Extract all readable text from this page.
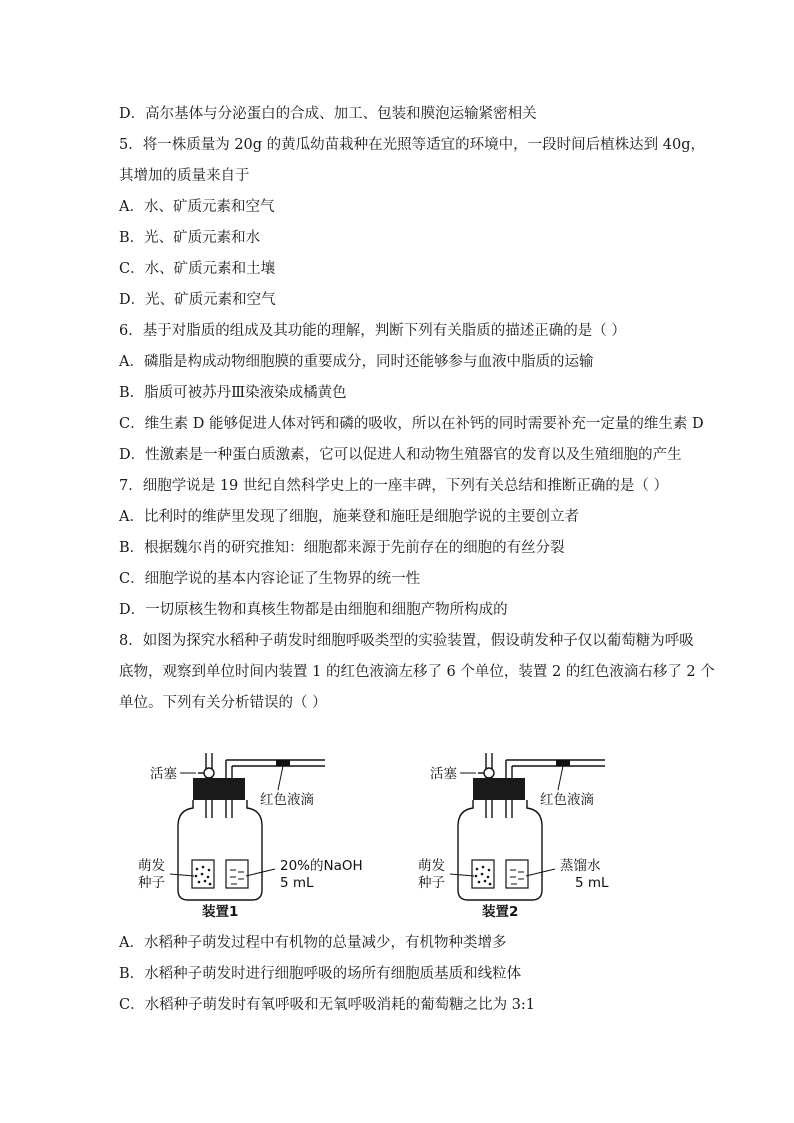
D．高尔基体与分泌蛋白的合成、加工、包装和膜泡运输紧密相关
5．将一株质量为 20g 的黄瓜幼苗栽种在光照等适宜的环境中，一段时间后植株达到 40g，
其增加的质量来自于
A．水、矿质元素和空气
B．光、矿质元素和水
C．水、矿质元素和土壤
D．光、矿质元素和空气
6．基于对脂质的组成及其功能的理解，判断下列有关脂质的描述正确的是（ ）
A．磷脂是构成动物细胞膜的重要成分，同时还能够参与血液中脂质的运输
B．脂质可被苏丹Ⅲ染液染成橘黄色
C．维生素 D 能够促进人体对钙和磷的吸收，所以在补钙的同时需要补充一定量的维生素 D
D．性激素是一种蛋白质激素，它可以促进人和动物生殖器官的发育以及生殖细胞的产生
7．细胞学说是 19 世纪自然科学史上的一座丰碑，下列有关总结和推断正确的是（ ）
A．比利时的维萨里发现了细胞，施莱登和施旺是细胞学说的主要创立者
B．根据魏尔肖的研究推知：细胞都来源于先前存在的细胞的有丝分裂
C．细胞学说的基本内容论证了生物界的统一性
D．一切原核生物和真核生物都是由细胞和细胞产物所构成的
8．如图为探究水稻种子萌发时细胞呼吸类型的实验装置，假设萌发种子仅以葡萄糖为呼吸
底物，观察到单位时间内装置 1 的红色液滴左移了 6 个单位，装置 2 的红色液滴右移了 2 个
单位。下列有关分析错误的（ ）
活塞
红色液滴
萌发
种子
20%的NaOH
5 mL
装置1
活塞
红色液滴
萌发
种子
蒸馏水
5 mL
装置2
A．水稻种子萌发过程中有机物的总量减少，有机物种类增多
B．水稻种子萌发时进行细胞呼吸的场所有细胞质基质和线粒体
C．水稻种子萌发时有氧呼吸和无氧呼吸消耗的葡萄糖之比为 3:1
